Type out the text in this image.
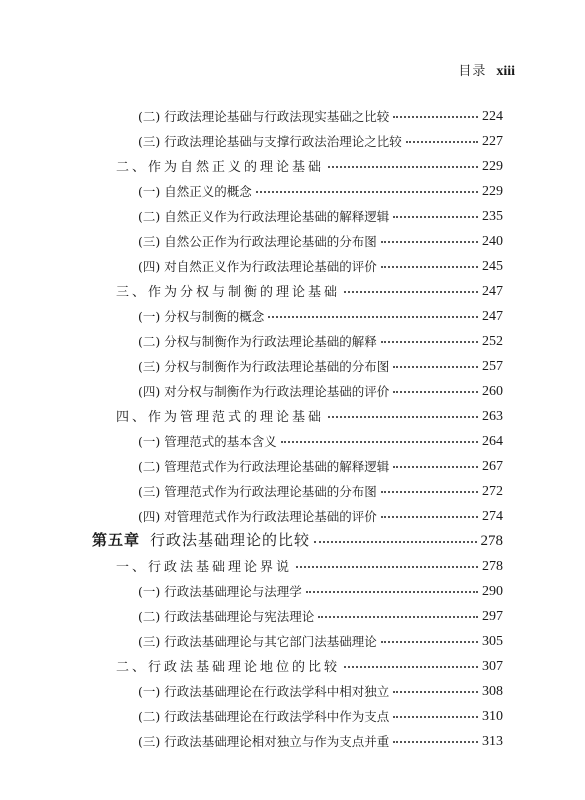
目录 xiii
(二) 行政法理论基础与行政法现实基础之比较	224
(三) 行政法理论基础与支撑行政法治理论之比较	227
二、作为自然正义的理论基础	229
(一) 自然正义的概念	229
(二) 自然正义作为行政法理论基础的解释逻辑	235
(三) 自然公正作为行政法理论基础的分布图	240
(四) 对自然正义作为行政法理论基础的评价	245
三、作为分权与制衡的理论基础	247
(一) 分权与制衡的概念	247
(二) 分权与制衡作为行政法理论基础的解释	252
(三) 分权与制衡作为行政法理论基础的分布图	257
(四) 对分权与制衡作为行政法理论基础的评价	260
四、作为管理范式的理论基础	263
(一) 管理范式的基本含义	264
(二) 管理范式作为行政法理论基础的解释逻辑	267
(三) 管理范式作为行政法理论基础的分布图	272
(四) 对管理范式作为行政法理论基础的评价	274
第五章 行政法基础理论的比较	278
一、行政法基础理论界说	278
(一) 行政法基础理论与法理学	290
(二) 行政法基础理论与宪法理论	297
(三) 行政法基础理论与其它部门法基础理论	305
二、行政法基础理论地位的比较	307
(一) 行政法基础理论在行政法学科中相对独立	308
(二) 行政法基础理论在行政法学科中作为支点	310
(三) 行政法基础理论相对独立与作为支点并重	313
